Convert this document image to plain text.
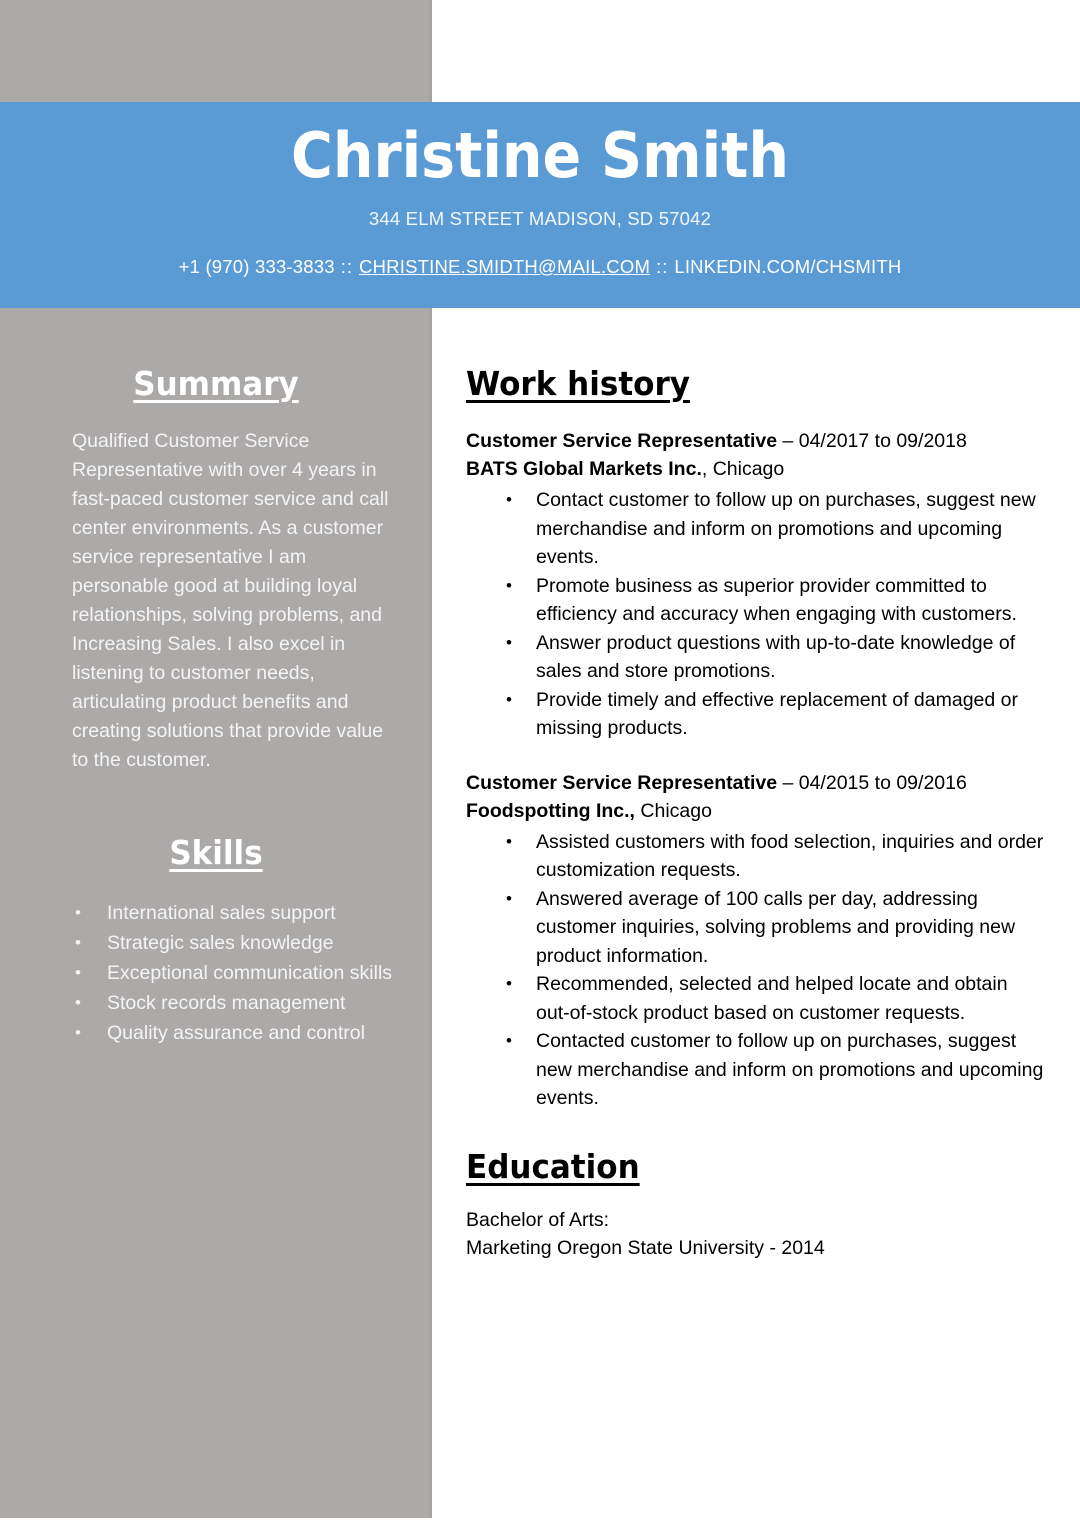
Christine Smith
344 ELM STREET MADISON, SD 57042
+1 (970) 333-3833 :: CHRISTINE.SMIDTH@MAIL.COM :: LINKEDIN.COM/CHSMITH
Summary
Qualified Customer Service Representative with over 4 years in fast-paced customer service and call center environments. As a customer service representative I am personable good at building loyal relationships, solving problems, and Increasing Sales. I also excel in listening to customer needs, articulating product benefits and creating solutions that provide value to the customer.
Skills
• International sales support
• Strategic sales knowledge
• Exceptional communication skills
• Stock records management
• Quality assurance and control
Work history
Customer Service Representative – 04/2017 to 09/2018
BATS Global Markets Inc., Chicago
• Contact customer to follow up on purchases, suggest new merchandise and inform on promotions and upcoming events.
• Promote business as superior provider committed to efficiency and accuracy when engaging with customers.
• Answer product questions with up-to-date knowledge of sales and store promotions.
• Provide timely and effective replacement of damaged or missing products.
Customer Service Representative – 04/2015 to 09/2016
Foodspotting Inc., Chicago
• Assisted customers with food selection, inquiries and order customization requests.
• Answered average of 100 calls per day, addressing customer inquiries, solving problems and providing new product information.
• Recommended, selected and helped locate and obtain out-of-stock product based on customer requests.
• Contacted customer to follow up on purchases, suggest new merchandise and inform on promotions and upcoming events.
Education
Bachelor of Arts:
Marketing Oregon State University - 2014
